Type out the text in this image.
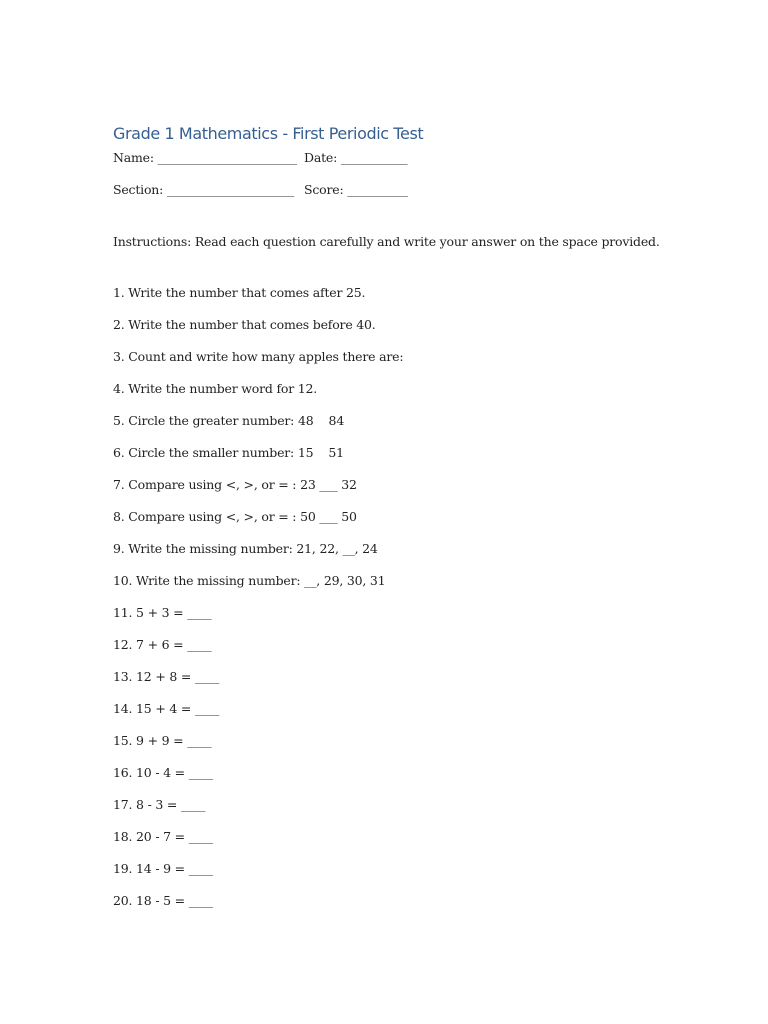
Grade 1 Mathematics - First Periodic Test
Name: _______________________ Date: ___________
Section: _____________________ Score: __________
Instructions: Read each question carefully and write your answer on the space provided.
1. Write the number that comes after 25.
2. Write the number that comes before 40.
3. Count and write how many apples there are:
4. Write the number word for 12.
5. Circle the greater number: 48    84
6. Circle the smaller number: 15    51
7. Compare using <, >, or = : 23 ___ 32
8. Compare using <, >, or = : 50 ___ 50
9. Write the missing number: 21, 22, __, 24
10. Write the missing number: __, 29, 30, 31
11. 5 + 3 = ____
12. 7 + 6 = ____
13. 12 + 8 = ____
14. 15 + 4 = ____
15. 9 + 9 = ____
16. 10 - 4 = ____
17. 8 - 3 = ____
18. 20 - 7 = ____
19. 14 - 9 = ____
20. 18 - 5 = ____
